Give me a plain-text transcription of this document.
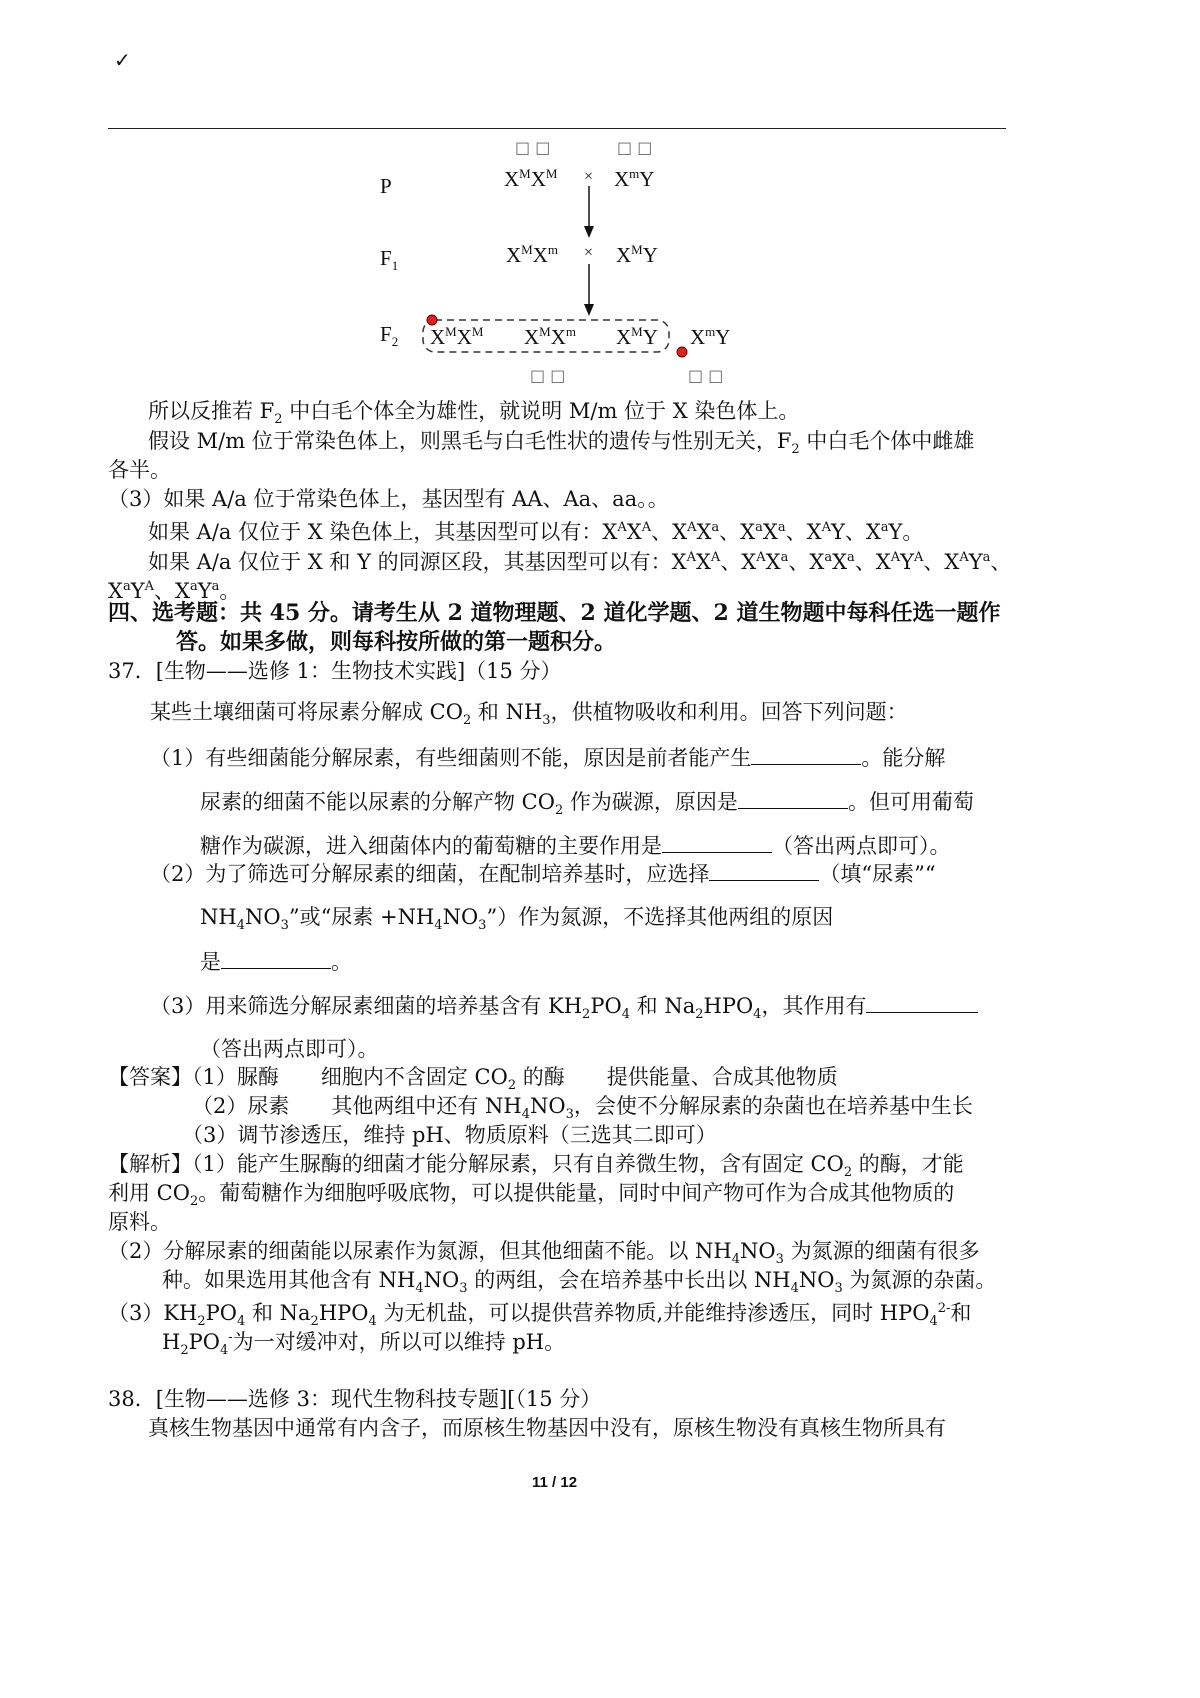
✓
□ □	□ □
P	$X^MX^M \times X^mY$
$F_1$	$X^MX^m \times X^MY$
$F_2$ $X^MX^M$ $X^MX^m$ $X^MY$ $X^mY$
□ □	□ □
所以反推若 $F_2$ 中白毛个体全为雄性，就说明 M/m 位于 X 染色体上。
假设 M/m 位于常染色体上，则黑毛与白毛性状的遗传与性别无关，$F_2$ 中白毛个体中雌雄
各半。
（3）如果 A/a 位于常染色体上，基因型有 AA、Aa、aa。。
如果 A/a 仅位于 X 染色体上，其基因型可以有：$X^AX^A$、$X^AX^a$、$X^aX^a$、$X^AY$、$X^aY$。
如果 A/a 仅位于 X 和 Y 的同源区段，其基因型可以有：$X^AX^A$、$X^AX^a$、$X^aX^a$、$X^AY^A$、$X^AY^a$、
$X^aY^A$、$X^aY^a$。
四、选考题：共 45 分。请考生从 2 道物理题、2 道化学题、2 道生物题中每科任选一题作
答。如果多做，则每科按所做的第一题积分。
37．[生物——选修 1：生物技术实践]（15 分）
某些土壤细菌可将尿素分解成 $CO_2$ 和 $NH_3$，供植物吸收和利用。回答下列问题：
（1）有些细菌能分解尿素，有些细菌则不能，原因是前者能产生	。能分解
尿素的细菌不能以尿素的分解产物 $CO_2$ 作为碳源，原因是	。但可用葡萄
糖作为碳源，进入细菌体内的葡萄糖的主要作用是	（答出两点即可）。
（2）为了筛选可分解尿素的细菌，在配制培养基时，应选择	（填“尿素”“
$NH_4NO_3$”或“尿素 $+NH_4NO_3$”）作为氮源，不选择其他两组的原因
是	。
（3）用来筛选分解尿素细菌的培养基含有 $KH_2PO_4$ 和 $Na_2HPO_4$，其作用有
（答出两点即可）。
【答案】（1）脲酶　　细胞内不含固定 $CO_2$ 的酶　　提供能量、合成其他物质
（2）尿素　　其他两组中还有 $NH_4NO_3$，会使不分解尿素的杂菌也在培养基中生长
（3）调节渗透压，维持 pH、物质原料（三选其二即可）
【解析】（1）能产生脲酶的细菌才能分解尿素，只有自养微生物，含有固定 $CO_2$ 的酶，才能
利用 $CO_2$。葡萄糖作为细胞呼吸底物，可以提供能量，同时中间产物可作为合成其他物质的
原料。
（2）分解尿素的细菌能以尿素作为氮源，但其他细菌不能。以 $NH_4NO_3$ 为氮源的细菌有很多
种。如果选用其他含有 $NH_4NO_3$ 的两组，会在培养基中长出以 $NH_4NO_3$ 为氮源的杂菌。
$(3)KH_2PO_4$ 和 $Na_2HPO_4$ 为无机盐，可以提供营养物质,并能维持渗透压，同时 $HPO_4^{2-}$和
$H_2PO_4^-$为一对缓冲对，所以可以维持 pH。
38．[生物——选修 3：现代生物科技专题][（15 分）
真核生物基因中通常有内含子，而原核生物基因中没有，原核生物没有真核生物所具有
11 / 12
